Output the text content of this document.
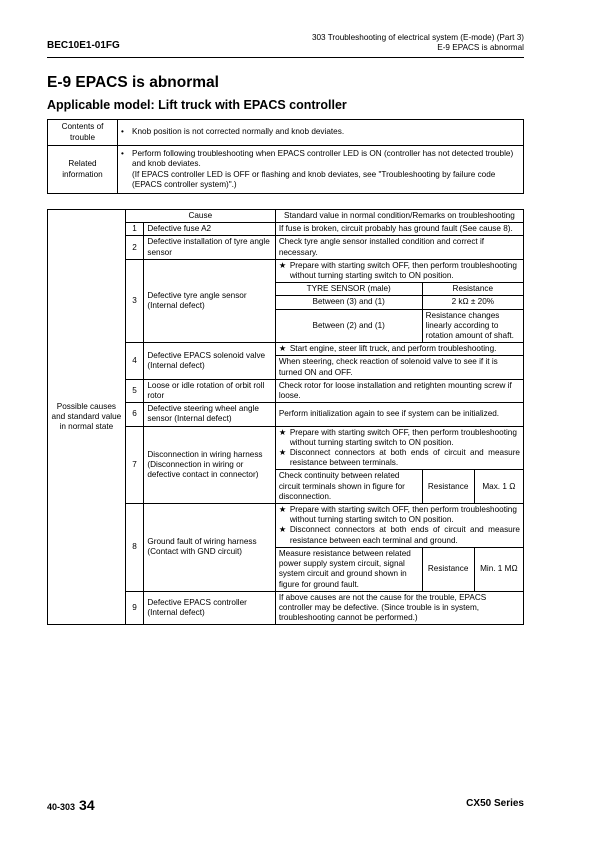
BEC10E1-01FG
303 Troubleshooting of electrical system (E-mode) (Part 3)
E-9 EPACS is abnormal
E-9 EPACS is abnormal
Applicable model: Lift truck with EPACS controller
Contents of trouble	• Knob position is not corrected normally and knob deviates.

Related information	• Perform following troubleshooting when EPACS controller LED is ON (controller has not detected trouble) and knob deviates.
(If EPACS controller LED is OFF or flashing and knob deviates, see "Troubleshooting by failure code (EPACS controller system)".)
Possible causes and standard value in normal state	Cause		Standard value in normal condition/Remarks on troubleshooting		
	1	Defective fuse A2	If fuse is broken, circuit probably has ground fault (See cause 8).		
	2	Defective installation of tyre angle sensor	Check tyre angle sensor installed condition and correct if necessary.		
	3	Defective tyre angle sensor (Internal defect)	★ Prepare with starting switch OFF, then perform troubleshooting without turning starting switch to ON position.		

			TYRE SENSOR (male)	Resistance	
			Between (3) and (1)	2 kΩ ± 20%	
			Between (2) and (1)	Resistance changes linearly according to rotation amount of shaft.	
	4	Defective EPACS solenoid valve (Internal defect)	★ Start engine, steer lift truck, and perform troubleshooting.		

			When steering, check reaction of solenoid valve to see if it is turned ON and OFF.		
	5	Loose or idle rotation of orbit roll rotor	Check rotor for loose installation and retighten mounting screw if loose.		
	6	Defective steering wheel angle sensor (Internal defect)	Perform initialization again to see if system can be initialized.		
	7	Disconnection in wiring harness (Disconnection in wiring or defective contact in connector)	★ Prepare with starting switch OFF, then perform troubleshooting without turning starting switch to ON position.
★ Disconnect connectors at both ends of circuit and measure resistance between terminals.		

			Check continuity between related circuit terminals shown in figure for disconnection.	Resistance	Max. 1 Ω
	8	Ground fault of wiring harness (Contact with GND circuit)	★ Prepare with starting switch OFF, then perform troubleshooting without turning starting switch to ON position.
★ Disconnect connectors at both ends of circuit and measure resistance between each terminal and ground.		

			Measure resistance between related power supply system circuit, signal system circuit and ground shown in figure for ground fault.	Resistance	Min. 1 MΩ
	9	Defective EPACS controller (Internal defect)	If above causes are not the cause for the trouble, EPACS controller may be defective. (Since trouble is in system, troubleshooting cannot be performed.)		
40-303 34	CX50 Series
